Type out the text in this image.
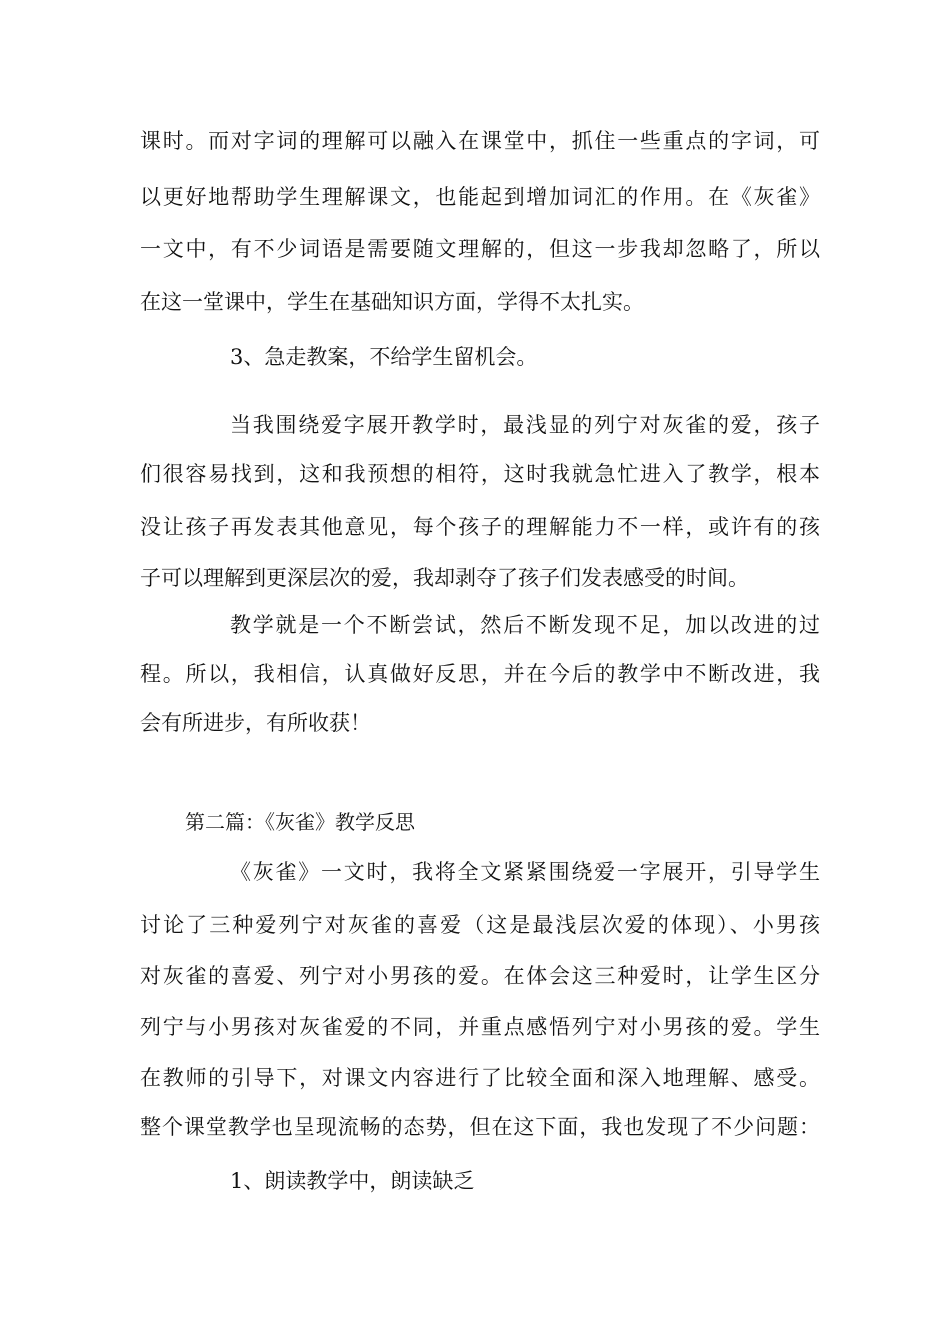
课时。而对字词的理解可以融入在课堂中，抓住一些重点的字词，可
以更好地帮助学生理解课文，也能起到增加词汇的作用。在《灰雀》
一文中，有不少词语是需要随文理解的，但这一步我却忽略了，所以
在这一堂课中，学生在基础知识方面，学得不太扎实。
3、急走教案，不给学生留机会。
当我围绕爱字展开教学时，最浅显的列宁对灰雀的爱，孩子
们很容易找到，这和我预想的相符，这时我就急忙进入了教学，根本
没让孩子再发表其他意见，每个孩子的理解能力不一样，或许有的孩
子可以理解到更深层次的爱，我却剥夺了孩子们发表感受的时间。
教学就是一个不断尝试，然后不断发现不足，加以改进的过
程。所以，我相信，认真做好反思，并在今后的教学中不断改进，我
会有所进步，有所收获！
第二篇：《灰雀》教学反思
《灰雀》一文时，我将全文紧紧围绕爱一字展开，引导学生
讨论了三种爱列宁对灰雀的喜爱（这是最浅层次爱的体现）、小男孩
对灰雀的喜爱、列宁对小男孩的爱。在体会这三种爱时，让学生区分
列宁与小男孩对灰雀爱的不同，并重点感悟列宁对小男孩的爱。学生
在教师的引导下，对课文内容进行了比较全面和深入地理解、感受。
整个课堂教学也呈现流畅的态势，但在这下面，我也发现了不少问题：
1、朗读教学中，朗读缺乏
